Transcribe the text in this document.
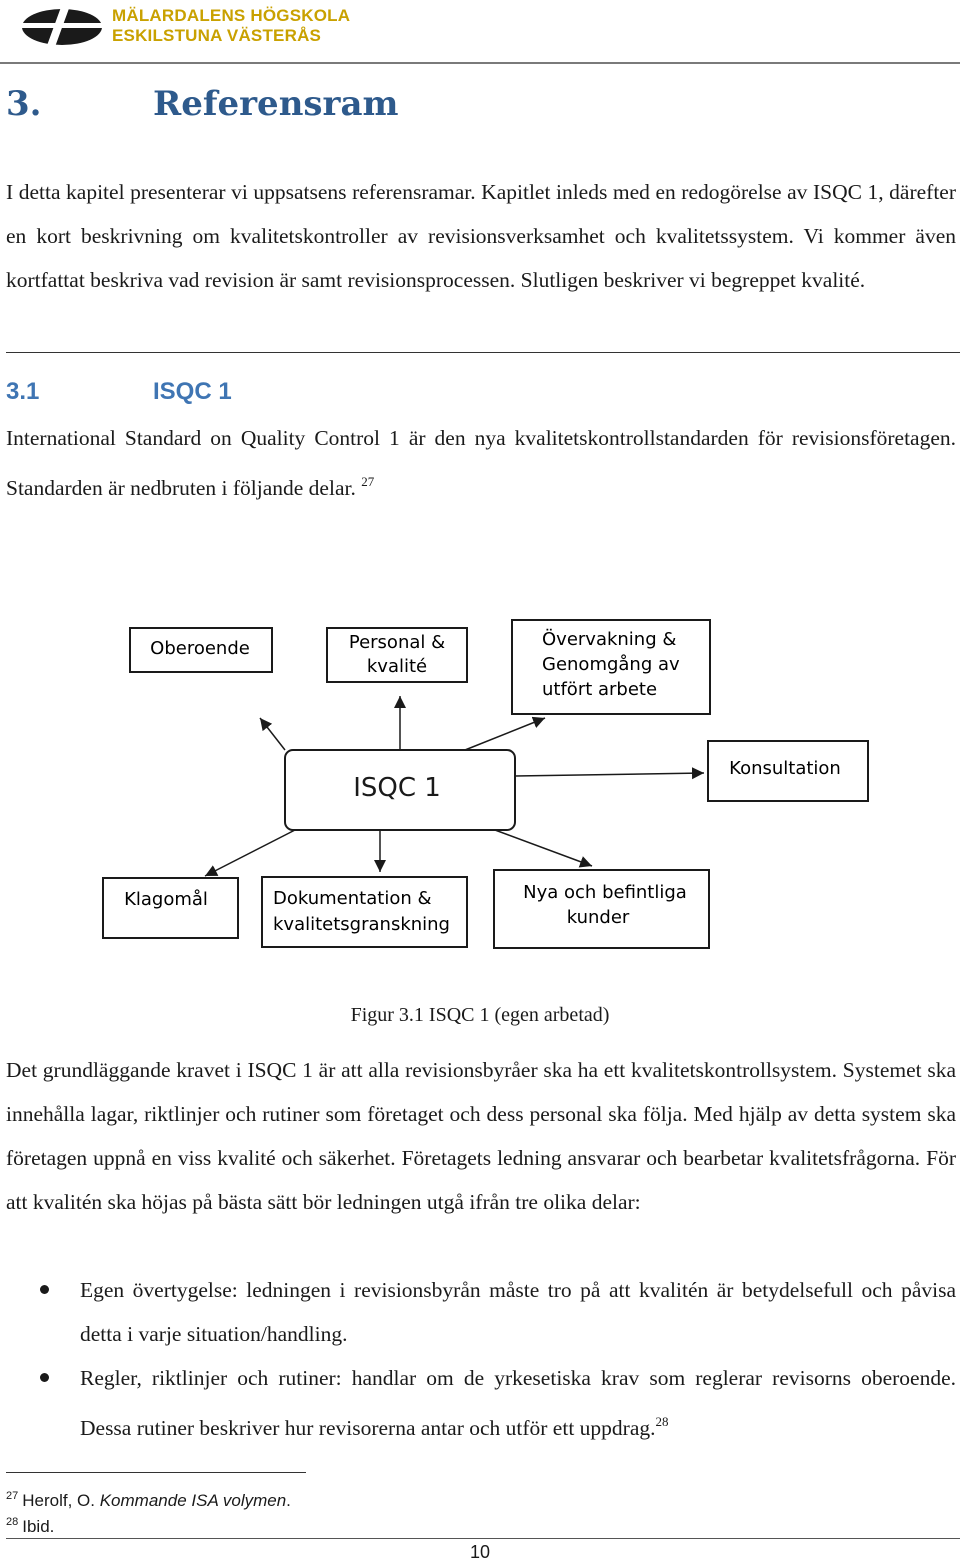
MÄLARDALENS HÖGSKOLA
ESKILSTUNA VÄSTERÅS
3.	Referensram

I detta kapitel presenterar vi uppsatsens referensramar. Kapitlet inleds med en redogörelse av ISQC 1, därefter en kort beskrivning om kvalitetskontroller av revisionsverksamhet och kvalitetssystem. Vi kommer även kortfattat beskriva vad revision är samt revisionsprocessen. Slutligen beskriver vi begreppet kvalité.

3.1	ISQC 1

International Standard on Quality Control 1 är den nya kvalitetskontrollstandarden för revisionsföretagen. Standarden är nedbruten i följande delar. $^{27}$

ISQC 1
Oberoende	Personal &
kvalité
Övervakning &
Genomgång av
utfört arbete
Konsultation
Klagomål	Dokumentation &
kvalitetsgranskning
Nya och befintliga
kunder
Figur 3.1 ISQC 1 (egen arbetad)

Det grundläggande kravet i ISQC 1 är att alla revisionsbyråer ska ha ett kvalitetskontrollsystem. Systemet ska innehålla lagar, riktlinjer och rutiner som företaget och dess personal ska följa. Med hjälp av detta system ska företagen uppnå en viss kvalité och säkerhet. Företagets ledning ansvarar och bearbetar kvalitetsfrågorna. För att kvalitén ska höjas på bästa sätt bör ledningen utgå ifrån tre olika delar:

Egen övertygelse: ledningen i revisionsbyrån måste tro på att kvalitén är betydelsefull och påvisa detta i varje situation/handling.
Regler, riktlinjer och rutiner: handlar om de yrkesetiska krav som reglerar revisorns oberoende. Dessa rutiner beskriver hur revisorerna antar och utför ett uppdrag.$^{28}$
$^{27}$ Herolf, O. Kommande ISA volymen.
$^{28}$ Ibid.
10
